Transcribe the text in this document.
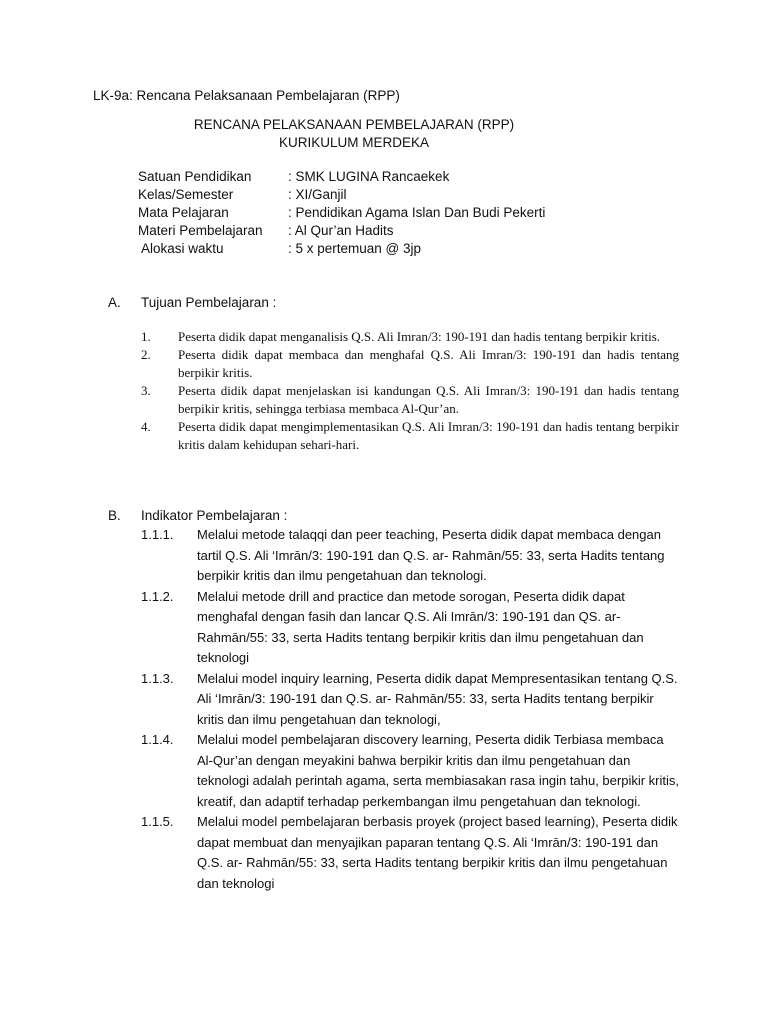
LK-9a: Rencana Pelaksanaan Pembelajaran (RPP)
RENCANA PELAKSANAAN PEMBELAJARAN (RPP)
KURIKULUM MERDEKA
Satuan Pendidikan	: SMK LUGINA Rancaekek
Kelas/Semester	: XI/Ganjil
Mata Pelajaran	: Pendidikan Agama Islan Dan Budi Pekerti
Materi Pembelajaran : Al Qur’an Hadits
Alokasi waktu	: 5 x pertemuan @ 3jp
A. Tujuan Pembelajaran :
1.	Peserta didik dapat menganalisis Q.S. Ali Imran/3: 190-191 dan hadis tentang berpikir kritis.
2.	Peserta didik dapat membaca dan menghafal Q.S. Ali Imran/3: 190-191 dan hadis tentang berpikir kritis.
3.	Peserta didik dapat menjelaskan isi kandungan Q.S. Ali Imran/3: 190-191 dan hadis tentang berpikir kritis, sehingga terbiasa membaca Al-Qur’an.
4.	Peserta didik dapat mengimplementasikan Q.S. Ali Imran/3: 190-191 dan hadis tentang berpikir kritis dalam kehidupan sehari-hari.
B. Indikator Pembelajaran :
1.1.1.	Melalui metode talaqqi dan peer teaching, Peserta didik dapat membaca dengan tartil Q.S. Ali ‘Imrān/3: 190-191 dan Q.S. ar- Rahmān/55: 33, serta Hadits tentang berpikir kritis dan ilmu pengetahuan dan teknologi.
1.1.2.	Melalui metode drill and practice dan metode sorogan, Peserta didik dapat menghafal dengan fasih dan lancar Q.S. Ali Imrān/3: 190-191 dan QS. ar-Rahmān/55: 33, serta Hadits tentang berpikir kritis dan ilmu pengetahuan dan teknologi
1.1.3.	Melalui model inquiry learning, Peserta didik dapat Mempresentasikan tentang Q.S. Ali ‘Imrān/3: 190-191 dan Q.S. ar- Rahmān/55: 33, serta Hadits tentang berpikir kritis dan ilmu pengetahuan dan teknologi,
1.1.4.	Melalui model pembelajaran discovery learning, Peserta didik Terbiasa membaca Al-Qur’an dengan meyakini bahwa berpikir kritis dan ilmu pengetahuan dan teknologi adalah perintah agama, serta membiasakan rasa ingin tahu, berpikir kritis, kreatif, dan adaptif terhadap perkembangan ilmu pengetahuan dan teknologi.
1.1.5.	Melalui model pembelajaran berbasis proyek (project based learning), Peserta didik dapat membuat dan menyajikan paparan tentang Q.S. Ali ‘Imrān/3: 190-191 dan Q.S. ar- Rahmān/55: 33, serta Hadits tentang berpikir kritis dan ilmu pengetahuan dan teknologi
